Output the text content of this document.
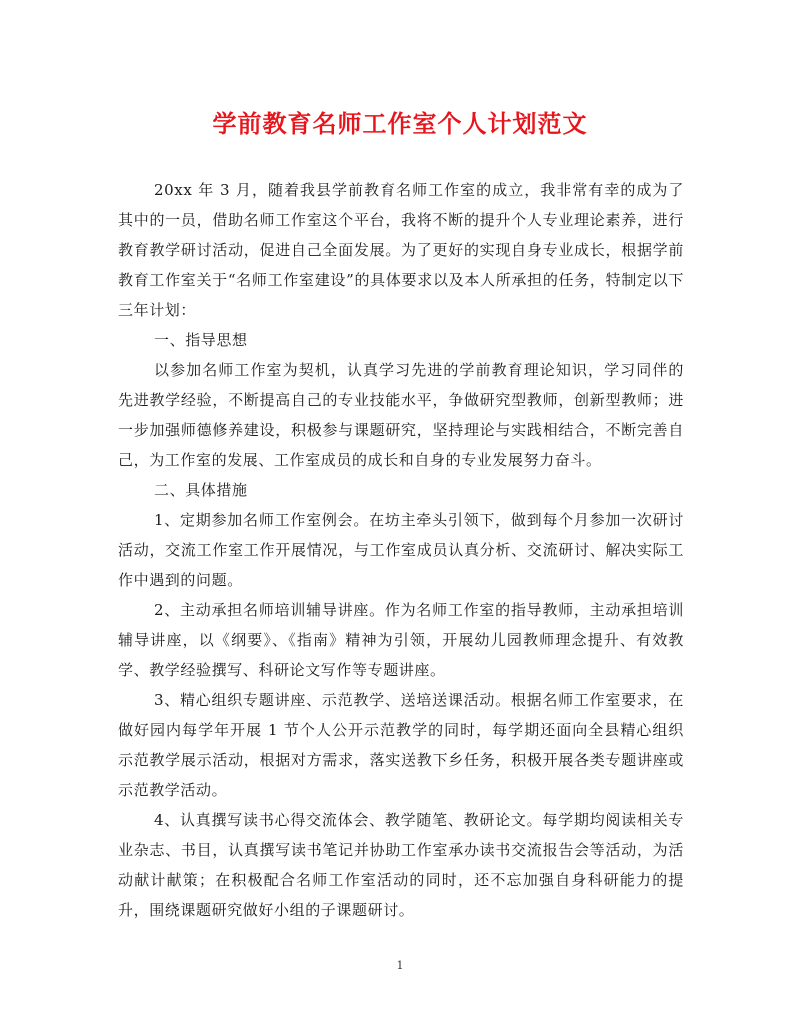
学前教育名师工作室个人计划范文

20xx 年 3 月，随着我县学前教育名师工作室的成立，我非常有幸的成为了其中的一员，借助名师工作室这个平台，我将不断的提升个人专业理论素养，进行教育教学研讨活动，促进自己全面发展。为了更好的实现自身专业成长，根据学前教育工作室关于“名师工作室建设”的具体要求以及本人所承担的任务，特制定以下三年计划：

一、指导思想

以参加名师工作室为契机，认真学习先进的学前教育理论知识，学习同伴的先进教学经验，不断提高自己的专业技能水平，争做研究型教师，创新型教师；进一步加强师德修养建设，积极参与课题研究，坚持理论与实践相结合，不断完善自己，为工作室的发展、工作室成员的成长和自身的专业发展努力奋斗。

二、具体措施

1、定期参加名师工作室例会。在坊主牵头引领下，做到每个月参加一次研讨活动，交流工作室工作开展情况，与工作室成员认真分析、交流研讨、解决实际工作中遇到的问题。

2、主动承担名师培训辅导讲座。作为名师工作室的指导教师，主动承担培训辅导讲座，以《纲要》、《指南》精神为引领，开展幼儿园教师理念提升、有效教学、教学经验撰写、科研论文写作等专题讲座。

3、精心组织专题讲座、示范教学、送培送课活动。根据名师工作室要求，在做好园内每学年开展 1 节个人公开示范教学的同时，每学期还面向全县精心组织示范教学展示活动，根据对方需求，落实送教下乡任务，积极开展各类专题讲座或示范教学活动。

4、认真撰写读书心得交流体会、教学随笔、教研论文。每学期均阅读相关专业杂志、书目，认真撰写读书笔记并协助工作室承办读书交流报告会等活动，为活动献计献策；在积极配合名师工作室活动的同时，还不忘加强自身科研能力的提升，围绕课题研究做好小组的子课题研讨。

1
